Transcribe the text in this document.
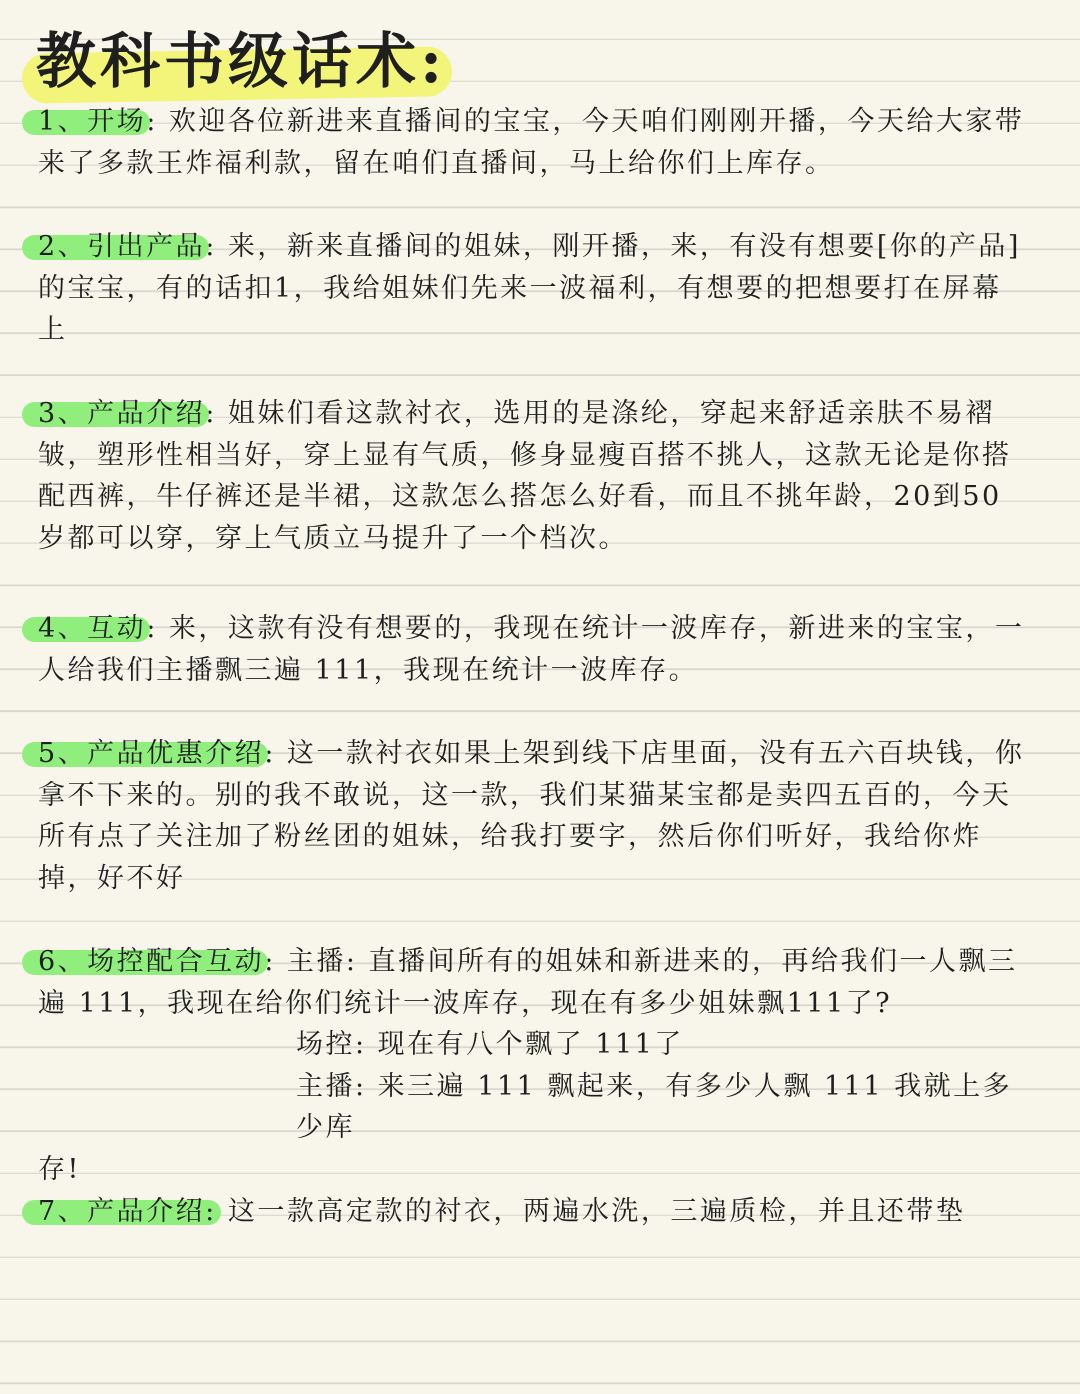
教科书级话术:
1、开场: 欢迎各位新进来直播间的宝宝，今天咱们刚刚开播，今天给大家带来了多款王炸福利款，留在咱们直播间，马上给你们上库存。
2、引出产品: 来，新来直播间的姐妹，刚开播，来，有没有想要[你的产品]的宝宝，有的话扣1，我给姐妹们先来一波福利，有想要的把想要打在屏幕上
3、产品介绍: 姐妹们看这款衬衣，选用的是涤纶，穿起来舒适亲肤不易褶皱，塑形性相当好，穿上显有气质，修身显瘦百搭不挑人，这款无论是你搭配西裤，牛仔裤还是半裙，这款怎么搭怎么好看，而且不挑年龄，20到50岁都可以穿，穿上气质立马提升了一个档次。
4、互动: 来，这款有没有想要的，我现在统计一波库存，新进来的宝宝，一人给我们主播飘三遍 111，我现在统计一波库存。
5、产品优惠介绍: 这一款衬衣如果上架到线下店里面，没有五六百块钱，你拿不下来的。别的我不敢说，这一款，我们某猫某宝都是卖四五百的，今天所有点了关注加了粉丝团的姐妹，给我打要字，然后你们听好，我给你炸掉，好不好
6、场控配合互动: 主播: 直播间所有的姐妹和新进来的，再给我们一人飘三遍 111，我现在给你们统计一波库存，现在有多少姐妹飘111了?
场控: 现在有八个飘了 111了
主播: 来三遍 111 飘起来，有多少人飘 111 我就上多少库
存!
7、产品介绍: 这一款高定款的衬衣，两遍水洗，三遍质检，并且还带垫
